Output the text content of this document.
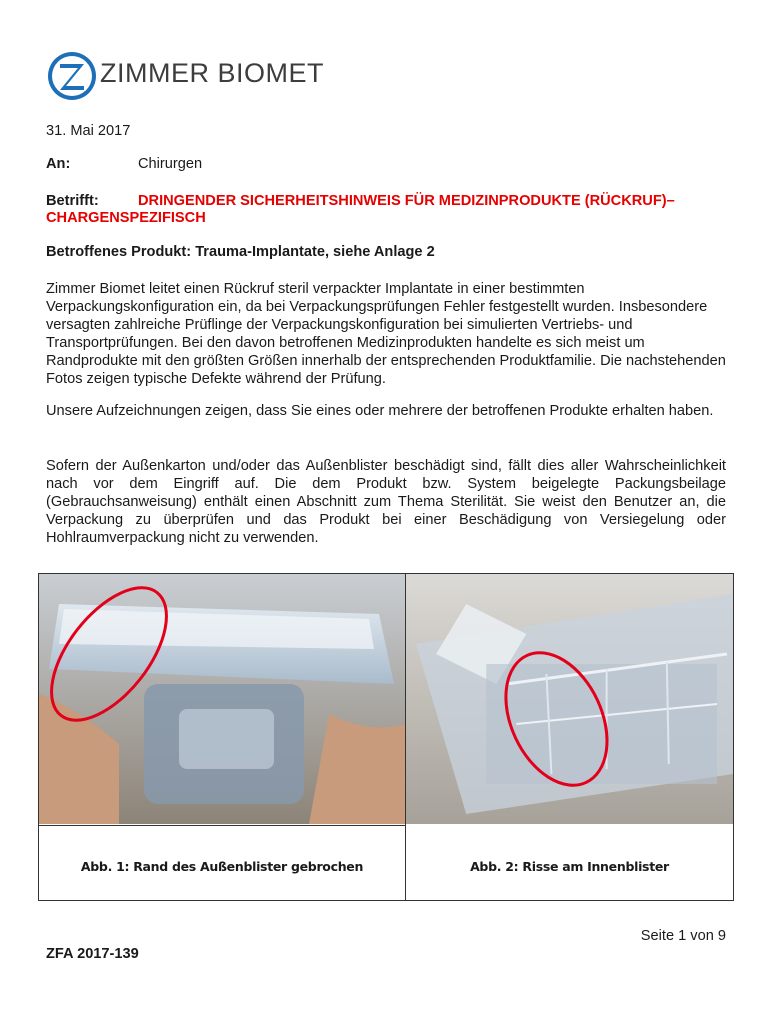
ZIMMER BIOMET
31. Mai 2017
An:	Chirurgen
Betrifft:	DRINGENDER SICHERHEITSHINWEIS FÜR MEDIZINPRODUKTE (RÜCKRUF)–
CHARGENSPEZIFISCH
Betroffenes Produkt: Trauma-Implantate, siehe Anlage 2
Zimmer Biomet leitet einen Rückruf steril verpackter Implantate in einer bestimmten Verpackungskonfiguration ein, da bei Verpackungsprüfungen Fehler festgestellt wurden. Insbesondere versagten zahlreiche Prüflinge der Verpackungskonfiguration bei simulierten Vertriebs- und Transportprüfungen. Bei den davon betroffenen Medizinprodukten handelte es sich meist um Randprodukte mit den größten Größen innerhalb der entsprechenden Produktfamilie. Die nachstehenden Fotos zeigen typische Defekte während der Prüfung.
Unsere Aufzeichnungen zeigen, dass Sie eines oder mehrere der betroffenen Produkte erhalten haben.
Sofern der Außenkarton und/oder das Außenblister beschädigt sind, fällt dies aller Wahrscheinlichkeit nach vor dem Eingriff auf. Die dem Produkt bzw. System beigelegte Packungsbeilage (Gebrauchsanweisung) enthält einen Abschnitt zum Thema Sterilität. Sie weist den Benutzer an, die Verpackung zu überprüfen und das Produkt bei einer Beschädigung von Versiegelung oder Hohlraumverpackung nicht zu verwenden.
Abb. 1: Rand des Außenblister gebrochen	Abb. 2: Risse am Innenblister
Seite 1 von 9
ZFA 2017-139
